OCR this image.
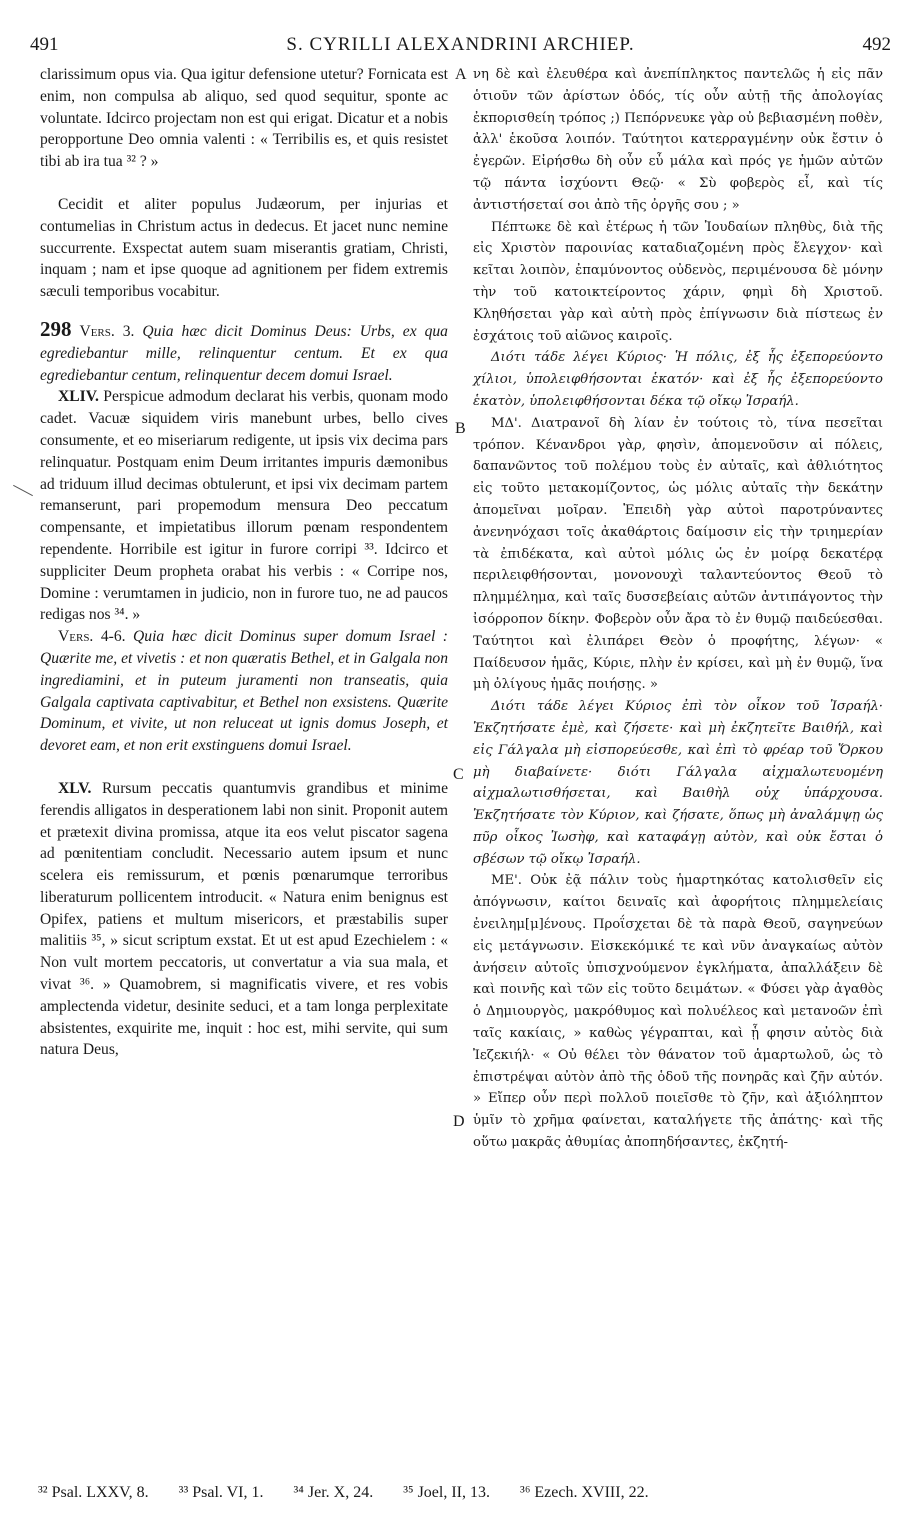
491	S. CYRILLI ALEXANDRINI ARCHIEP.	492

clarissimum opus via. Qua igitur defensione utetur? Fornicata est enim, non compulsa ab aliquo, sed quod sequitur, sponte ac voluntate. Idcirco projectam non est qui erigat. Dicatur et a nobis peropportune Deo omnia valenti : « Terribilis es, et quis resistet tibi ab ira tua ³² ? »

Cecidit et aliter populus Judæorum, per injurias et contumelias in Christum actus in dedecus. Et jacet nunc nemine succurrente. Exspectat autem suam miserantis gratiam, Christi, inquam ; nam et ipse quoque ad agnitionem per fidem extremis sæculi temporibus vocabitur.

298 Vers. 3. Quia hæc dicit Dominus Deus: Urbs, ex qua egrediebantur mille, relinquentur centum. Et ex qua egrediebantur centum, relinquentur decem domui Israel.

XLIV. Perspicue admodum declarat his verbis, quonam modo cadet. Vacuæ siquidem viris manebunt urbes, bello cives consumente, et eo miseriarum redigente, ut ipsis vix decima pars relinquatur. Postquam enim Deum irritantes impuris dæmonibus ad triduum illud decimas obtulerunt, et ipsi vix decimam partem remanserunt, pari propemodum mensura Deo peccatum compensante, et impietatibus illorum pœnam respondentem rependente. Horribile est igitur in furore corripi ³³. Idcirco et suppliciter Deum propheta orabat his verbis : « Corripe nos, Domine : verumtamen in judicio, non in furore tuo, ne ad paucos redigas nos ³⁴. »

Vers. 4-6. Quia hæc dicit Dominus super domum Israel : Quærite me, et vivetis : et non quæratis Bethel, et in Galgala non ingrediamini, et in puteum juramenti non transeatis, quia Galgala captivata captivabitur, et Bethel non exsistens. Quærite Dominum, et vivite, ut non reluceat ut ignis domus Joseph, et devoret eam, et non erit exstinguens domui Israel.

XLV. Rursum peccatis quantumvis grandibus et minime ferendis alligatos in desperationem labi non sinit. Proponit autem et prætexit divina promissa, atque ita eos velut piscator sagena ad pœnitentiam concludit. Necessario autem ipsum et nunc scelera eis remissurum, et pœnis pœnarumque terroribus liberaturum pollicentem introducit. « Natura enim benignus est Opifex, patiens et multum misericors, et præstabilis super malitiis ³⁵, » sicut scriptum exstat. Et ut est apud Ezechielem : « Non vult mortem peccatoris, ut convertatur a via sua mala, et vivat ³⁶. » Quamobrem, si magnificatis vivere, et res vobis amplectenda videtur, desinite seduci, et a tam longa perplexitate absistentes, exquirite me, inquit : hoc est, mihi servite, qui sum natura Deus,

A
B
C
D

νη δὲ καὶ ἐλευθέρα καὶ ἀνεπίπληκτος παντελῶς ἡ εἰς πᾶν ὁτιοῦν τῶν ἀρίστων ὁδός, τίς οὖν αὐτῇ τῆς ἀπολογίας ἐκπορισθείη τρόπος ;) Πεπόρνευκε γὰρ οὐ βεβιασμένη ποθὲν, ἀλλ' ἑκοῦσα λοιπόν. Ταύτητοι κατερραγμένην οὐκ ἔστιν ὁ ἐγερῶν. Εἰρήσθω δὴ οὖν εὖ μάλα καὶ πρός γε ἡμῶν αὐτῶν τῷ πάντα ἰσχύοντι Θεῷ· « Σὺ φοβερὸς εἶ, καὶ τίς ἀντιστήσεταί σοι ἀπὸ τῆς ὀργῆς σου ; »

Πέπτωκε δὲ καὶ ἑτέρως ἡ τῶν Ἰουδαίων πληθὺς, διὰ τῆς εἰς Χριστὸν παροινίας καταδιαζομένη πρὸς ἔλεγχον· καὶ κεῖται λοιπὸν, ἐπαμύνοντος οὐδενὸς, περιμένουσα δὲ μόνην τὴν τοῦ κατοικτείροντος χάριν, φημὶ δὴ Χριστοῦ. Κληθήσεται γὰρ καὶ αὐτὴ πρὸς ἐπίγνωσιν διὰ πίστεως ἐν ἐσχάτοις τοῦ αἰῶνος καιροῖς.

Διότι τάδε λέγει Κύριος· Ἡ πόλις, ἐξ ἧς ἐξεπορεύοντο χίλιοι, ὑπολειφθήσονται ἑκατόν· καὶ ἐξ ἧς ἐξεπορεύοντο ἑκατὸν, ὑπολειφθήσονται δέκα τῷ οἴκῳ Ἰσραήλ.

ΜΔ'. Διατρανοῖ δὴ λίαν ἐν τούτοις τὸ, τίνα πεσεῖται τρόπον. Κένανδροι γὰρ, φησὶν, ἀπομενοῦσιν αἱ πόλεις, δαπανῶντος τοῦ πολέμου τοὺς ἐν αὐταῖς, καὶ ἀθλιότητος εἰς τοῦτο μετακομίζοντος, ὡς μόλις αὐταῖς τὴν δεκάτην ἀπομεῖναι μοῖραν. Ἐπειδὴ γὰρ αὐτοὶ παροτρύναντες ἀνενηνόχασι τοῖς ἀκαθάρτοις δαίμοσιν εἰς τὴν τριημερίαν τὰ ἐπιδέκατα, καὶ αὐτοὶ μόλις ὡς ἐν μοίρᾳ δεκατέρᾳ περιλειφθήσονται, μονονουχὶ ταλαντεύοντος Θεοῦ τὸ πλημμέλημα, καὶ ταῖς δυσσεβείαις αὐτῶν ἀντιπάγοντος τὴν ἰσόρροπον δίκην. Φοβερὸν οὖν ἄρα τὸ ἐν θυμῷ παιδεύεσθαι. Ταύτητοι καὶ ἐλιπάρει Θεὸν ὁ προφήτης, λέγων· « Παίδευσον ἡμᾶς, Κύριε, πλὴν ἐν κρίσει, καὶ μὴ ἐν θυμῷ, ἵνα μὴ ὀλίγους ἡμᾶς ποιήσῃς. »

Διότι τάδε λέγει Κύριος ἐπὶ τὸν οἶκον τοῦ Ἰσραήλ· Ἐκζητήσατε ἐμὲ, καὶ ζήσετε· καὶ μὴ ἐκζητεῖτε Βαιθήλ, καὶ εἰς Γάλγαλα μὴ εἰσπορεύεσθε, καὶ ἐπὶ τὸ φρέαρ τοῦ Ὅρκου μὴ διαβαίνετε· διότι Γάλγαλα αἰχμαλωτευομένη αἰχμαλωτισθήσεται, καὶ Βαιθὴλ οὐχ ὑπάρχουσα. Ἐκζητήσατε τὸν Κύριον, καὶ ζήσατε, ὅπως μὴ ἀναλάμψῃ ὡς πῦρ οἶκος Ἰωσὴφ, καὶ καταφάγῃ αὐτὸν, καὶ οὐκ ἔσται ὁ σβέσων τῷ οἴκῳ Ἰσραήλ.

ΜΕ'. Οὐκ ἐᾷ πάλιν τοὺς ἡμαρτηκότας κατολισθεῖν εἰς ἀπόγνωσιν, καίτοι δειναῖς καὶ ἀφορήτοις πλημμελείαις ἐνειλημ[μ]ένους. Προΐσχεται δὲ τὰ παρὰ Θεοῦ, σαγηνεύων εἰς μετάγνωσιν. Εἰσκεκόμικέ τε καὶ νῦν ἀναγκαίως αὐτὸν ἀνήσειν αὐτοῖς ὑπισχνούμενον ἐγκλήματα, ἀπαλλάξειν δὲ καὶ ποινῆς καὶ τῶν εἰς τοῦτο δειμάτων. « Φύσει γὰρ ἀγαθὸς ὁ Δημιουργὸς, μακρόθυμος καὶ πολυέλεος καὶ μετανοῶν ἐπὶ ταῖς κακίαις, » καθὼς γέγραπται, καὶ ᾗ φησιν αὐτὸς διὰ Ἰεζεκιήλ· « Οὐ θέλει τὸν θάνατον τοῦ ἁμαρτωλοῦ, ὡς τὸ ἐπιστρέψαι αὐτὸν ἀπὸ τῆς ὁδοῦ τῆς πονηρᾶς καὶ ζῆν αὐτόν. » Εἴπερ οὖν περὶ πολλοῦ ποιεῖσθε τὸ ζῆν, καὶ ἀξιόληπτον ὑμῖν τὸ χρῆμα φαίνεται, καταλήγετε τῆς ἀπάτης· καὶ τῆς οὕτω μακρᾶς ἀθυμίας ἀποπηδήσαντες, ἐκζητή-

³² Psal. LXXV, 8. ³³ Psal. VI, 1. ³⁴ Jer. X, 24. ³⁵ Joel, II, 13. ³⁶ Ezech. XVIII, 22.
